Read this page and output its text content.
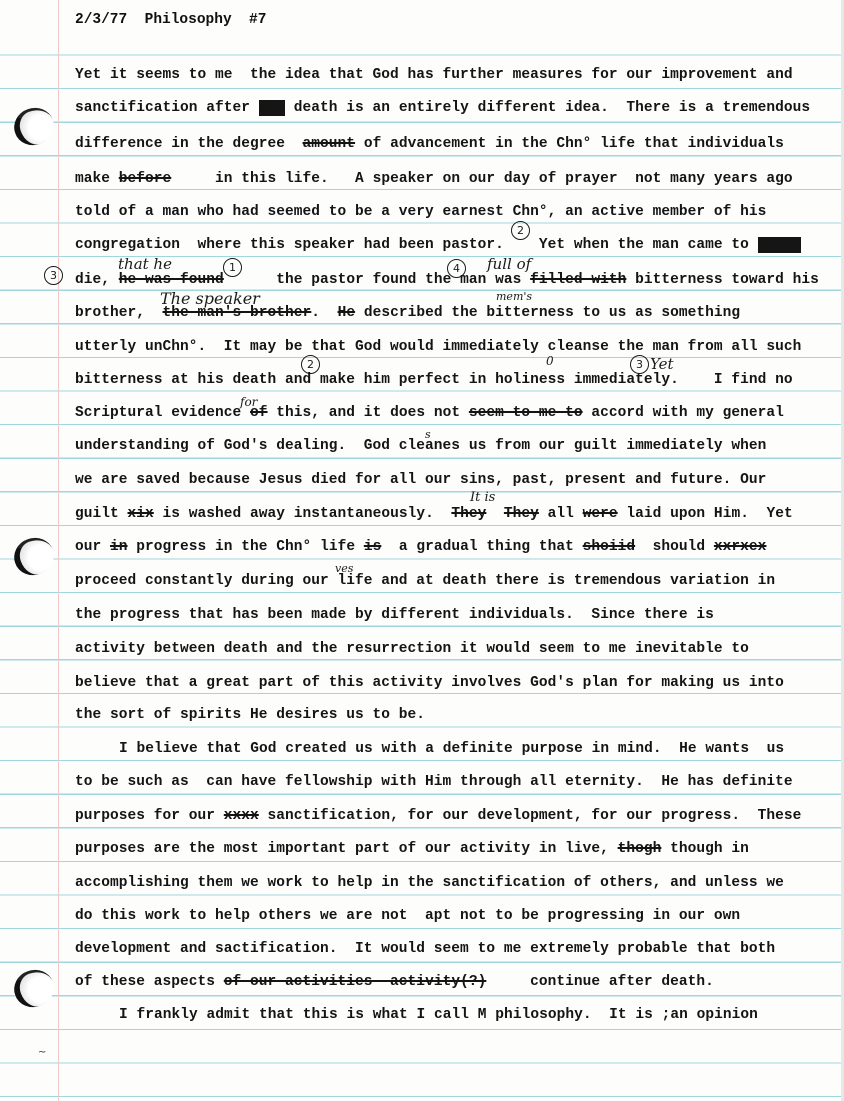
2/3/77 Philosophy #7
Yet it seems to me  the idea that God has further measures for our improvement and
sanctification after xxx death is an entirely different idea.  There is a tremendous
difference in the degree  amount of advancement in the Chn° life that individuals
make before     in this life.   A speaker on our day of prayer  not many years ago
told of a man who had seemed to be a very earnest Chn°, an active member of his
congregation  where this speaker had been pastor.    Yet when the man came to xxxxx
die, he was found      the pastor found the man was filled with bitterness toward his
brother,  the man's brother.  He described the bitterness to us as something
utterly unChn°.  It may be that God would immediately cleanse the man from all such
bitterness at his death and make him perfect in holiness immediately.    I find no
Scriptural evidence of this, and it does not seem to me to accord with my general
understanding of God's dealing.  God cleanes us from our guilt immediately when
we are saved because Jesus died for all our sins, past, present and future. Our
guilt xix is washed away instantaneously.  They They all were laid upon Him.  Yet
our in progress in the Chn° life is  a gradual thing that shoiid  should xxrxex
proceed constantly during our life and at death there is tremendous variation in
the progress that has been made by different individuals.  Since there is
activity between death and the resurrection it would seem to me inevitable to
believe that a great part of this activity involves God's plan for making us into
the sort of spirits He desires us to be.
I believe that God created us with a definite purpose in mind.  He wants  us
to be such as  can have fellowship with Him through all eternity.  He has definite
purposes for our xxxx sanctification, for our development, for our progress.  These
purposes are the most important part of our activity in live, thogh though in
accomplishing them we work to help in the sanctification of others, and unless we
do this work to help others we are not  apt not to be progressing in our own
development and sactification.  It would seem to me extremely probable that both
of these aspects of our activities  activity(?)     continue after death.
I frankly admit that this is what I call M philosophy.  It is ;an opinion
that he
The speaker
full of
mem's
Yet
for
s
It is
ves
2
3
1	4
2	3
0
~
